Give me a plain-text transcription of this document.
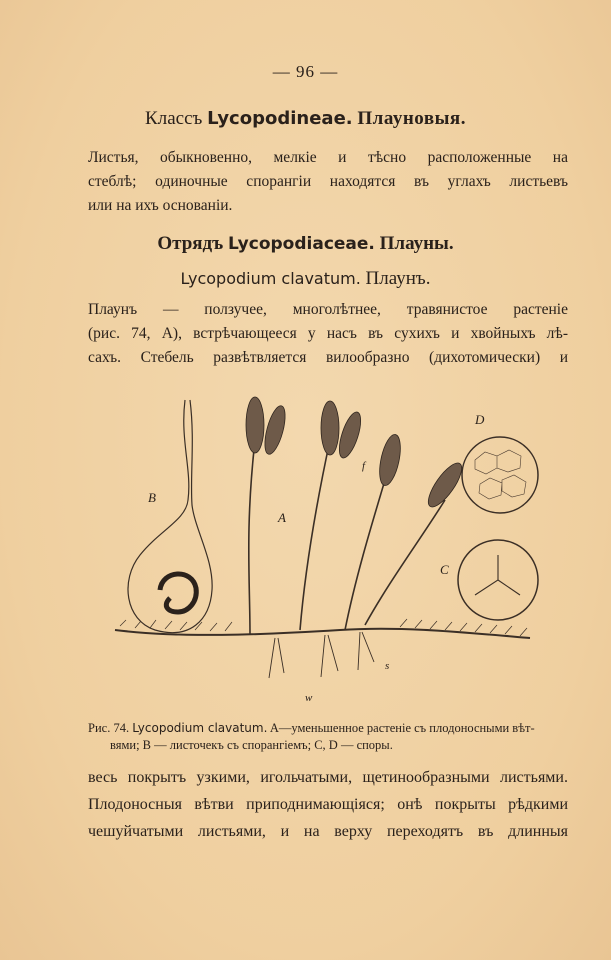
— 96 —
Классъ Lycopodineae. Плауновыя.
Листья, обыкновенно, мелкіе и тѣсно расположенные на
стеблѣ; одиночные спорангіи находятся въ углахъ листьевъ
или на ихъ основаніи.
Отрядъ Lycopodiaceae. Плауны.
Lycopodium clavatum. Плаунъ.
Плаунъ — ползучее, многолѣтнее, травянистое растеніе
(рис. 74, А), встрѣчающееся у насъ въ сухихъ и хвойныхъ лѣ-
сахъ. Стебель развѣтвляется вилообразно (дихотомически) и
B
A
D
C
f
s
w
Рис. 74. Lycopodium clavatum. A—уменьшенное растеніе съ плодоносными вѣт-
вями; B — листочекъ съ спорангіемъ; C, D — споры.
весь покрытъ узкими, игольчатыми, щетинообразными листьями.
Плодоносныя вѣтви приподнимающіяся; онѣ покрыты рѣдкими
чешуйчатыми листьями, и на верху переходятъ въ длинныя
